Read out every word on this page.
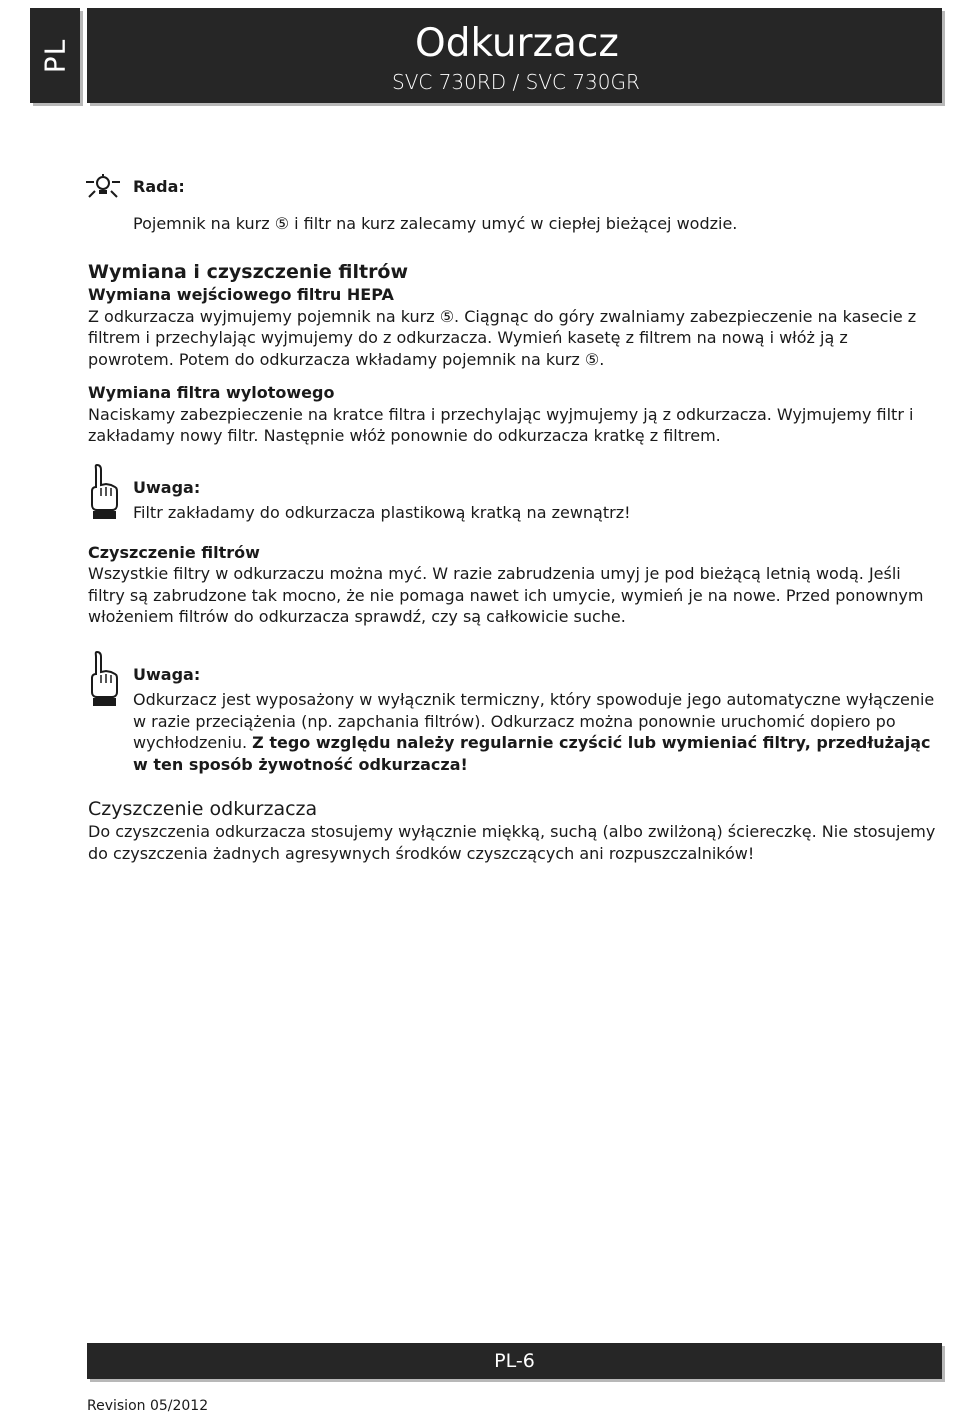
PL	Odkurzacz
SVC 730RD / SVC 730GR
Rada:

Pojemnik na kurz ⑤ i filtr na kurz zalecamy umyć w ciepłej bieżącej wodzie.

Wymiana i czyszczenie filtrów
Wymiana wejściowego filtru HEPA

Z odkurzacza wyjmujemy pojemnik na kurz ⑤. Ciągnąc do góry zwalniamy zabezpieczenie na kasecie z filtrem i przechylając wyjmujemy do z odkurzacza. Wymień kasetę z filtrem na nową i włóż ją z powrotem. Potem do odkurzacza wkładamy pojemnik na kurz ⑤.

Wymiana filtra wylotowego

Naciskamy zabezpieczenie na kratce filtra i przechylając wyjmujemy ją z odkurzacza. Wyjmujemy filtr i zakładamy nowy filtr. Następnie włóż ponownie do odkurzacza kratkę z filtrem.

Uwaga:

Filtr zakładamy do odkurzacza plastikową kratką na zewnątrz!

Czyszczenie filtrów

Wszystkie filtry w odkurzaczu można myć. W razie zabrudzenia umyj je pod bieżącą letnią wodą. Jeśli filtry są zabrudzone tak mocno, że nie pomaga nawet ich umycie, wymień je na nowe. Przed ponownym włożeniem filtrów do odkurzacza sprawdź, czy są całkowicie suche.

Uwaga:

Odkurzacz jest wyposażony w wyłącznik termiczny, który spowoduje jego automatyczne wyłączenie w razie przeciążenia (np. zapchania filtrów). Odkurzacz można ponownie uruchomić dopiero po wychłodzeniu. Z tego względu należy regularnie czyścić lub wymieniać filtry, przedłużając w ten sposób żywotność odkurzacza!

Czyszczenie odkurzacza

Do czyszczenia odkurzacza stosujemy wyłącznie miękką, suchą (albo zwilżoną) ściereczkę. Nie stosujemy do czyszczenia żadnych agresywnych środków czyszczących ani rozpuszczalników!

PL-6
Revision 05/2012
